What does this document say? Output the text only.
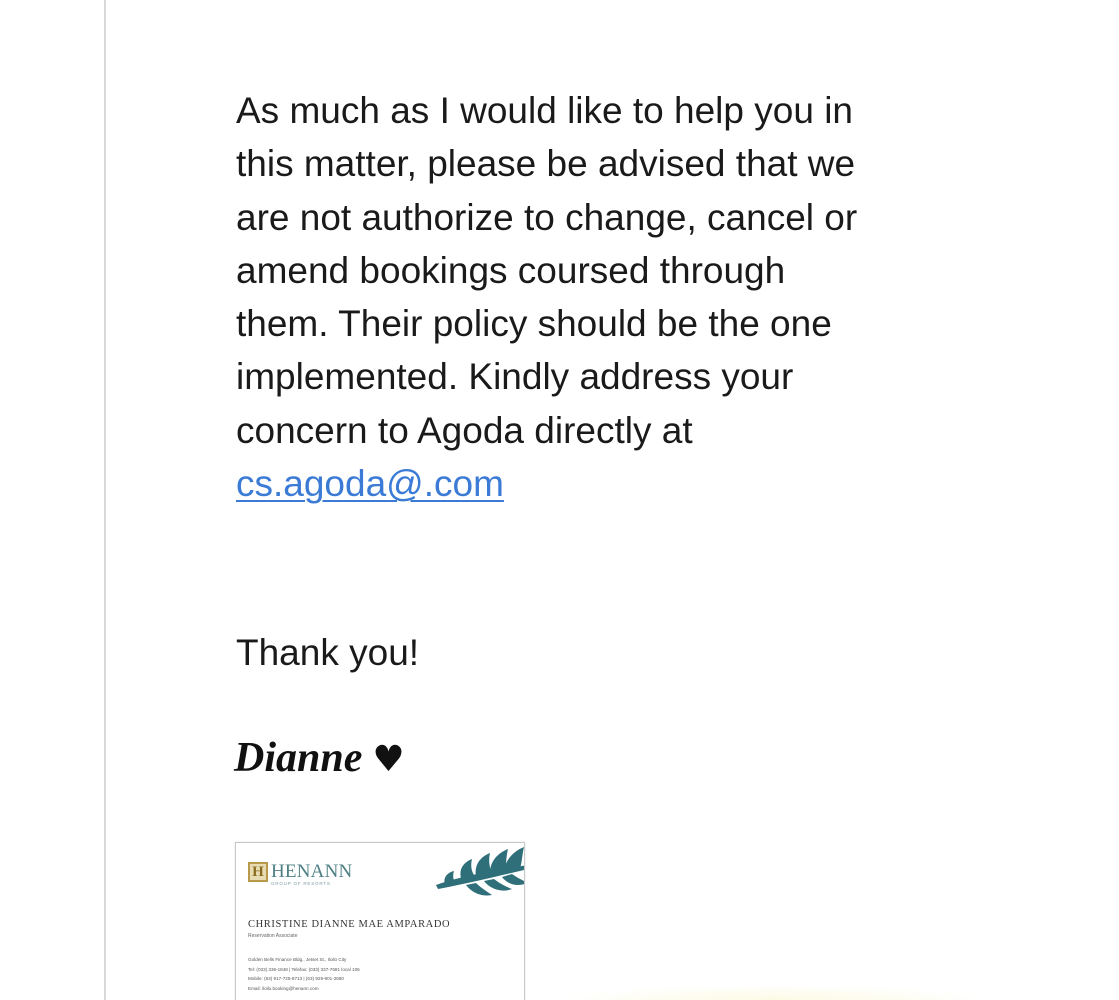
As much as I would like to help you in
this matter, please be advised that we
are not authorize to change, cancel or
amend bookings coursed through
them. Their policy should be the one
implemented. Kindly address your
concern to Agoda directly at
cs.agoda@.com
Thank you!
Dianne ♥
H HENANN
GROUP OF RESORTS
CHRISTINE DIANNE MAE AMPARADO
Reservation Associate
Golden Bells Finance Bldg., Jetset St., Iloilo City
Tel: (033) 336-1848 | Telefax: (033) 337-7681 local 106
Mobile: (63) 917-725-8713 | (63) 929-901-2680
Email: iloilo.booking@henann.com
